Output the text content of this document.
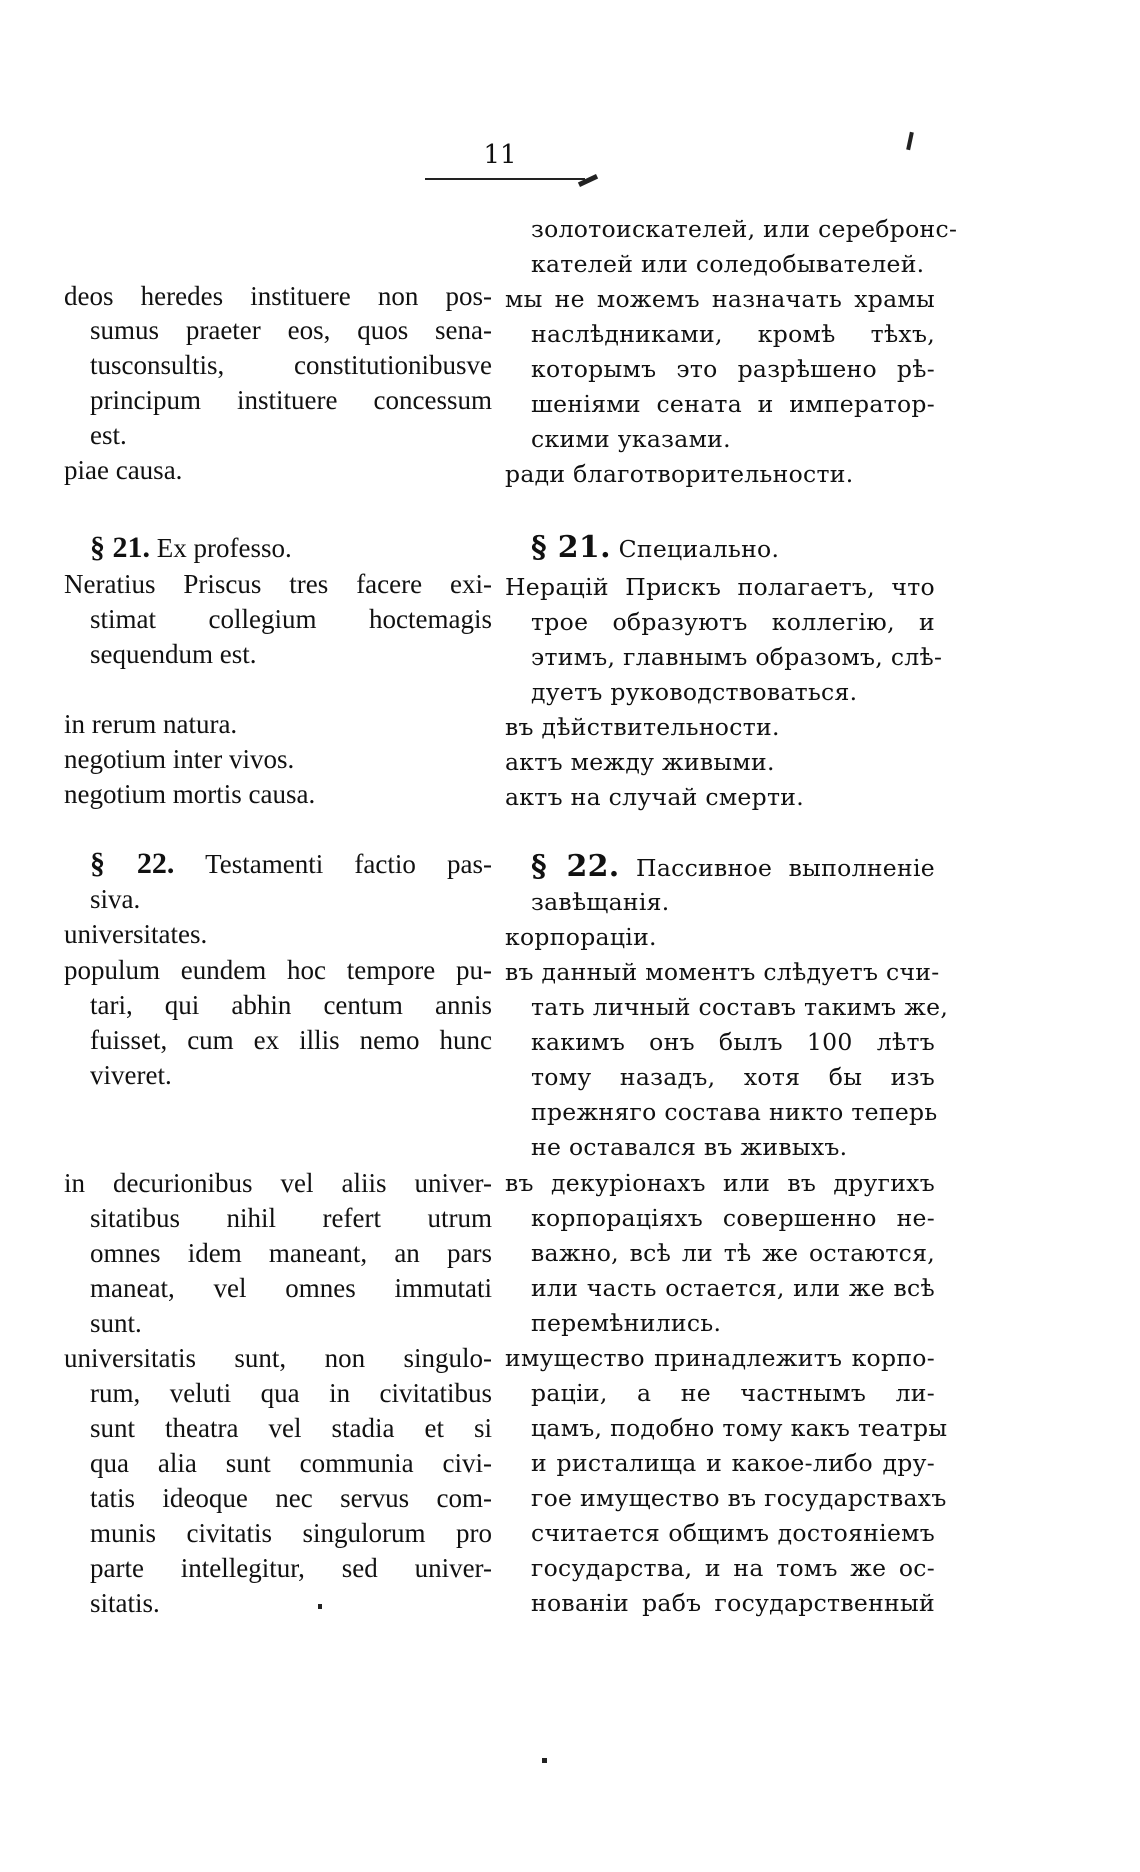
11
deos heredes instituere non pos-
sumus praeter eos, quos sena-
tusconsultis, constitutionibusve
principum instituere concessum
est.
piae causa.
§ 21. Ex professo.
Neratius Priscus tres facere exi-
stimat collegium hoctemagis
sequendum est.
in rerum natura.
negotium inter vivos.
negotium mortis causa.
§ 22. Testamenti factio pas-
siva.
universitates.
populum eundem hoc tempore pu-
tari, qui abhin centum annis
fuisset, cum ex illis nemo hunc
viveret.
in decurionibus vel aliis univer-
sitatibus nihil refert utrum
omnes idem maneant, an pars
maneat, vel omnes immutati
sunt.
universitatis sunt, non singulo-
rum, veluti qua in civitatibus
sunt theatra vel stadia et si
qua alia sunt communia civi-
tatis ideoque nec servus com-
munis civitatis singulorum pro
parte intellegitur, sed univer-
sitatis.
золотоискателей, или серебронс-
кателей или соледобывателей.
мы не можемъ назначать храмы
наслѣдниками, кромѣ тѣхъ,
которымъ это разрѣшено рѣ-
шеніями сената и император-
скими указами.
ради благотворительности.
§ 21. Специально.
Нерацій Прискъ полагаетъ, что
трое образуютъ коллегію, и
этимъ, главнымъ образомъ, слѣ-
дуетъ руководствоваться.
въ дѣйствительности.
актъ между живыми.
актъ на случай смерти.
§ 22. Пассивное выполненіе
завѣщанія.
корпораціи.
въ данный моментъ слѣдуетъ счи-
тать личный составъ такимъ же,
какимъ онъ былъ 100 лѣтъ
тому назадъ, хотя бы изъ
прежняго состава никто теперь
не оставался въ живыхъ.
въ декуріонахъ или въ другихъ
корпораціяхъ совершенно не-
важно, всѣ ли тѣ же остаются,
или часть остается, или же всѣ
перемѣнились.
имущество принадлежитъ корпо-
раціи, а не частнымъ ли-
цамъ, подобно тому какъ театры
и ристалища и какое-либо дру-
гое имущество въ государствахъ
считается общимъ достояніемъ
государства, и на томъ же ос-
нованіи рабъ государственный
